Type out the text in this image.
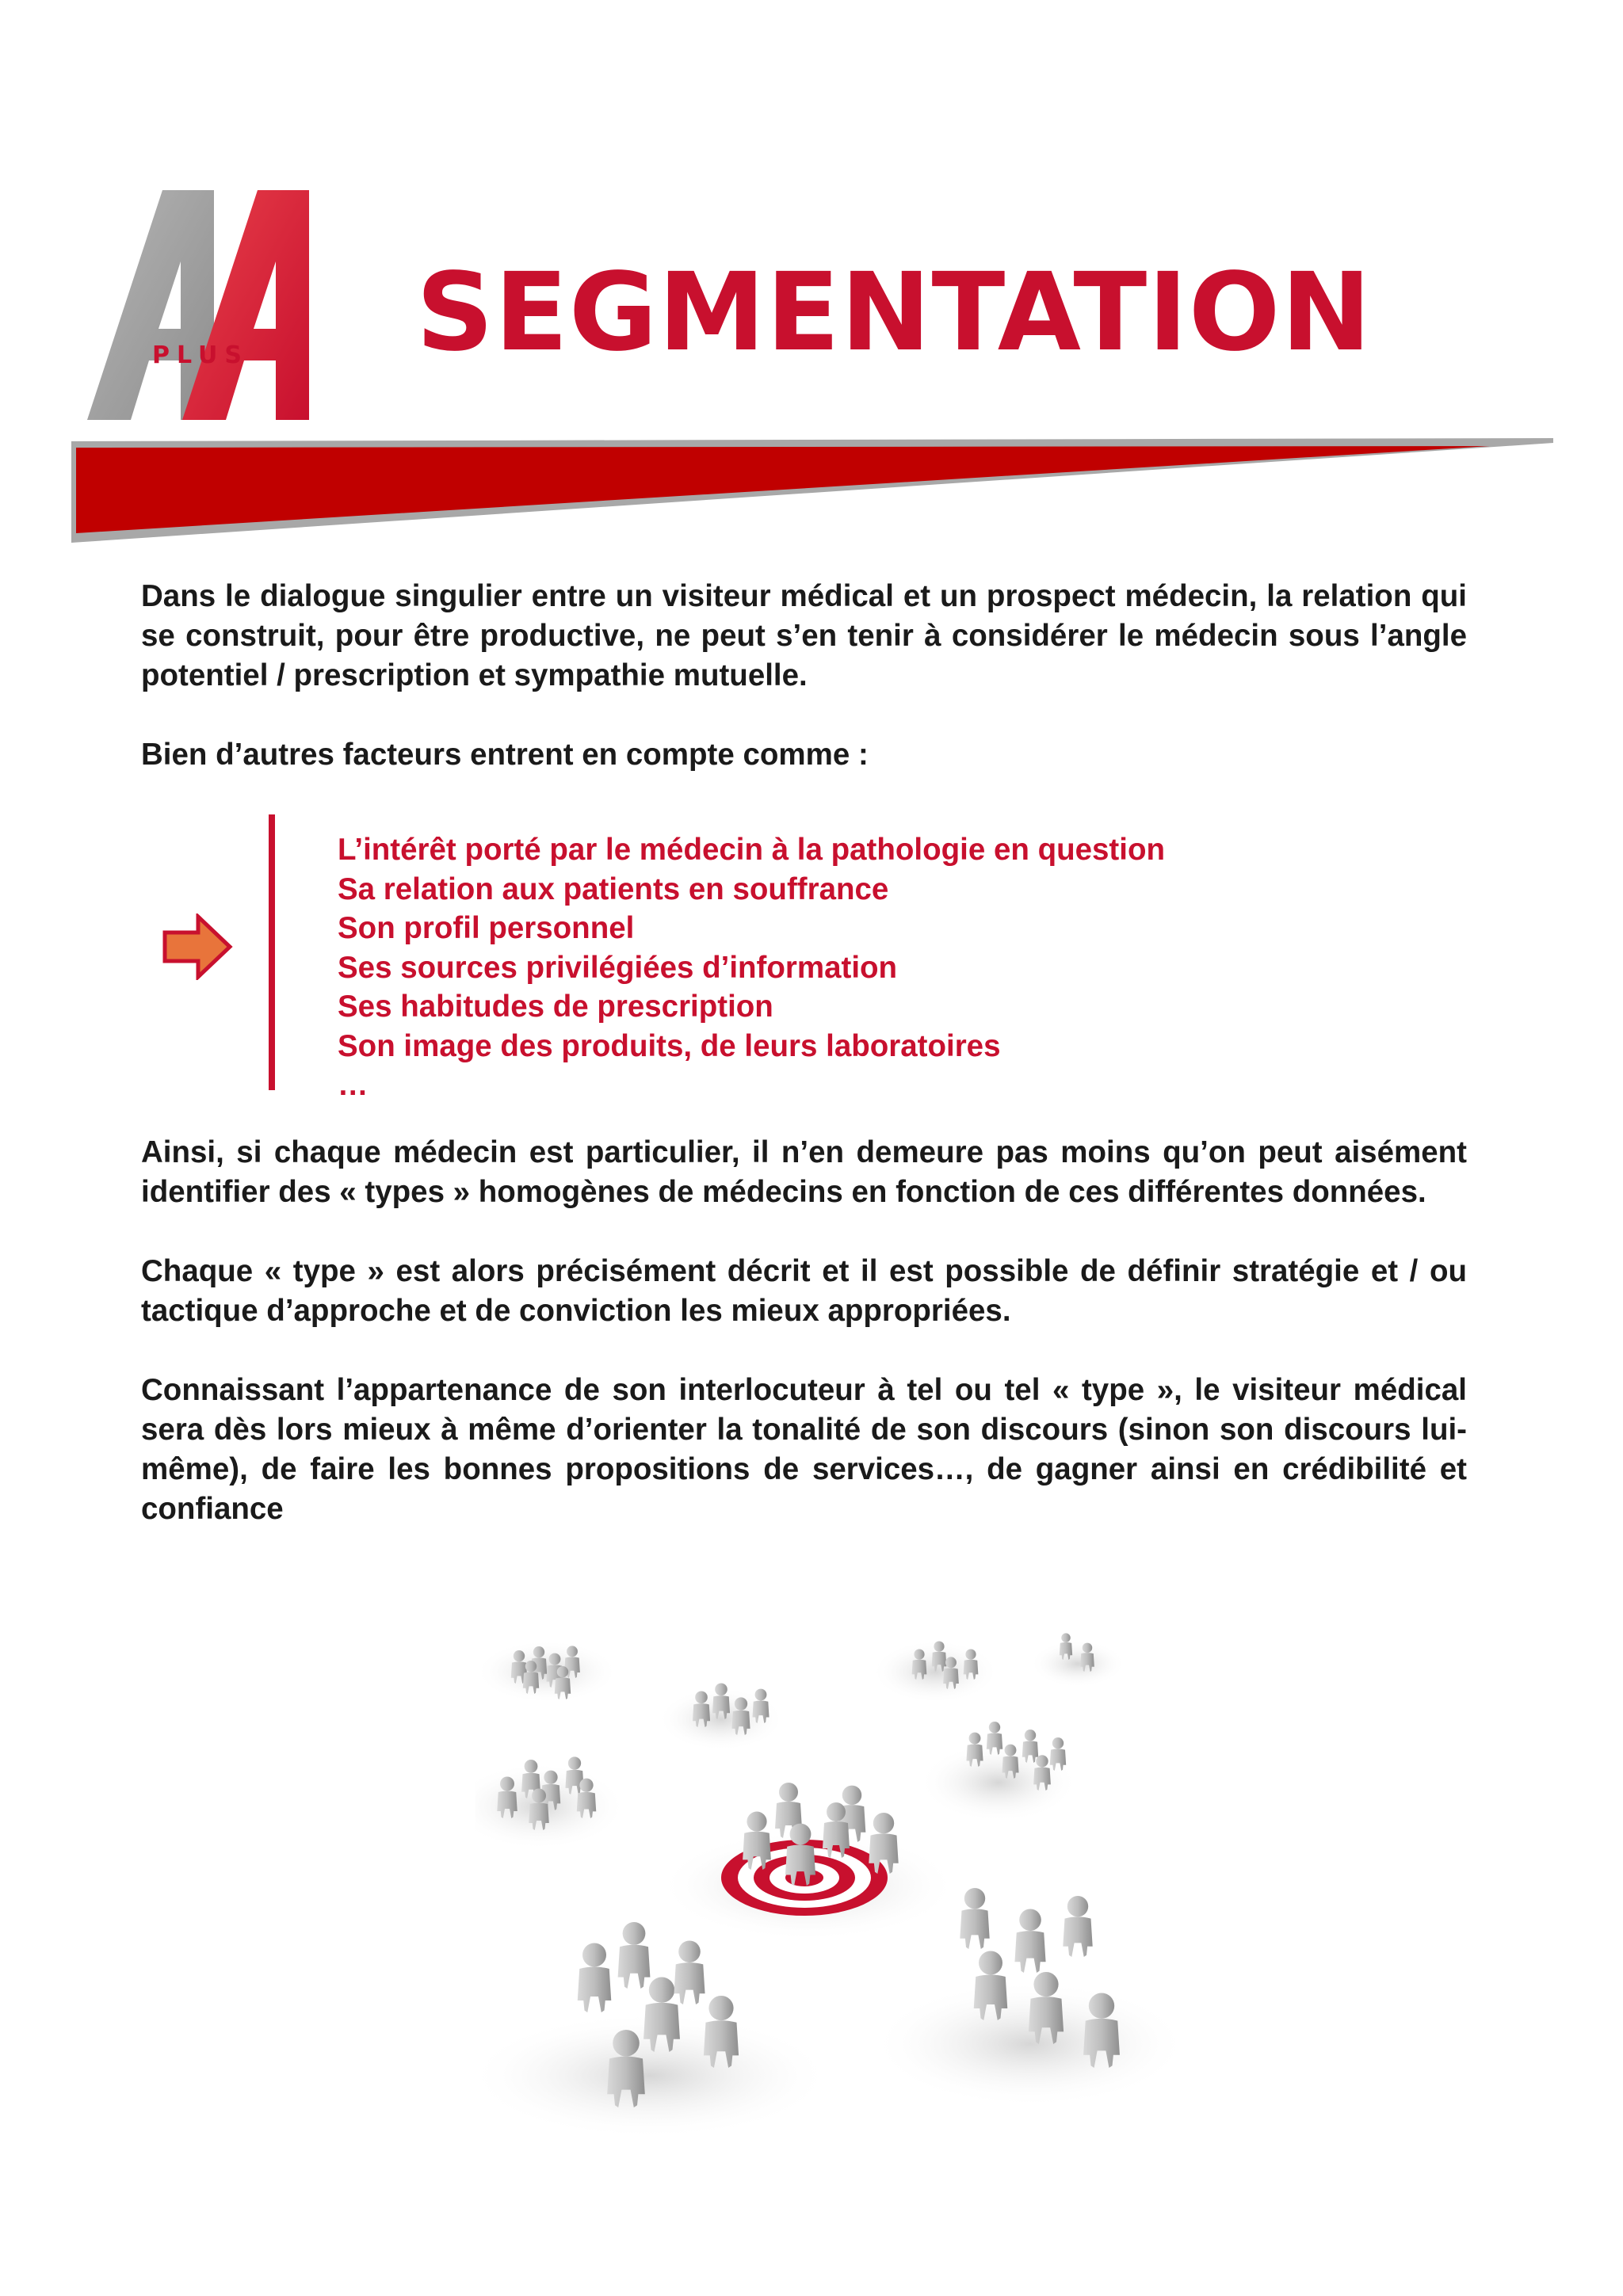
PLUS SEGMENTATION

Dans le dialogue singulier entre un visiteur médical et un prospect médecin, la relation qui se construit, pour être productive, ne peut s’en tenir à considérer le médecin sous l’angle potentiel / prescription et sympathie mutuelle.

Bien d’autres facteurs entrent en compte comme :

L’intérêt porté par le médecin à la pathologie en question
Sa relation aux patients en souffrance
Son profil personnel
Ses sources privilégiées d’information
Ses habitudes de prescription
Son image des produits, de leurs laboratoires
…

Ainsi, si chaque médecin est particulier, il n’en demeure pas moins qu’on peut aisément identifier des « types » homogènes de médecins en fonction de ces différentes données.

Chaque « type » est alors précisément décrit et il est possible de définir stratégie et / ou tactique d’approche et de conviction les mieux appropriées.

Connaissant l’appartenance de son interlocuteur à tel ou tel « type », le visiteur médical sera dès lors mieux à même d’orienter la tonalité de son discours (sinon son discours lui-même), de faire les bonnes propositions de services…, de gagner ainsi en crédibilité et confiance
